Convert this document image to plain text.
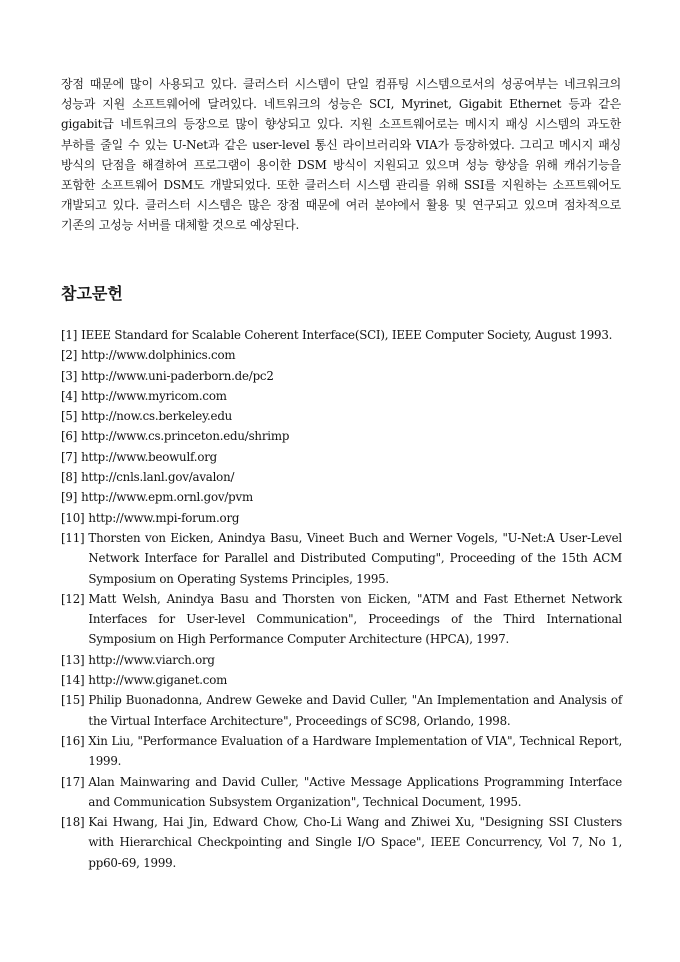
장점 때문에 많이 사용되고 있다. 클러스터 시스템이 단일 컴퓨팅 시스템으로서의 성공여부는 네크워크의 성능과 지원 소프트웨어에 달려있다. 네트워크의 성능은 SCI, Myrinet, Gigabit Ethernet 등과 같은 gigabit급 네트워크의 등장으로 많이 향상되고 있다. 지원 소프트웨어로는 메시지 패싱 시스템의 과도한 부하를 줄일 수 있는 U-Net과 같은 user-level 통신 라이브러리와 VIA가 등장하였다. 그리고 메시지 패싱 방식의 단점을 해결하여 프로그램이 용이한 DSM 방식이 지원되고 있으며 성능 향상을 위해 캐쉬기능을 포함한 소프트웨어 DSM도 개발되었다. 또한 클러스터 시스템 관리를 위해 SSI를 지원하는 소프트웨어도 개발되고 있다. 클러스터 시스템은 많은 장점 때문에 여러 분야에서 활용 및 연구되고 있으며 점차적으로 기존의 고성능 서버를 대체할 것으로 예상된다.

참고문헌
[1] IEEE Standard for Scalable Coherent Interface(SCI), IEEE Computer Society, August 1993.
[2] http://www.dolphinics.com
[3] http://www.uni-paderborn.de/pc2
[4] http://www.myricom.com
[5] http://now.cs.berkeley.edu
[6] http://www.cs.princeton.edu/shrimp
[7] http://www.beowulf.org
[8] http://cnls.lanl.gov/avalon/
[9] http://www.epm.ornl.gov/pvm
[10] http://www.mpi-forum.org
[11] Thorsten von Eicken, Anindya Basu, Vineet Buch and Werner Vogels, "U-Net:A User-Level Network Interface for Parallel and Distributed Computing", Proceeding of the 15th ACM Symposium on Operating Systems Principles, 1995.
[12] Matt Welsh, Anindya Basu and Thorsten von Eicken, "ATM and Fast Ethernet Network Interfaces for User-level Communication", Proceedings of the Third International Symposium on High Performance Computer Architecture (HPCA), 1997.
[13] http://www.viarch.org
[14] http://www.giganet.com
[15] Philip Buonadonna, Andrew Geweke and David Culler, "An Implementation and Analysis of the Virtual Interface Architecture", Proceedings of SC98, Orlando, 1998.
[16] Xin Liu, "Performance Evaluation of a Hardware Implementation of VIA", Technical Report, 1999.
[17] Alan Mainwaring and David Culler, "Active Message Applications Programming Interface and Communication Subsystem Organization", Technical Document, 1995.
[18] Kai Hwang, Hai Jin, Edward Chow, Cho-Li Wang and Zhiwei Xu, "Designing SSI Clusters with Hierarchical Checkpointing and Single I/O Space", IEEE Concurrency, Vol 7, No 1, pp60-69, 1999.
